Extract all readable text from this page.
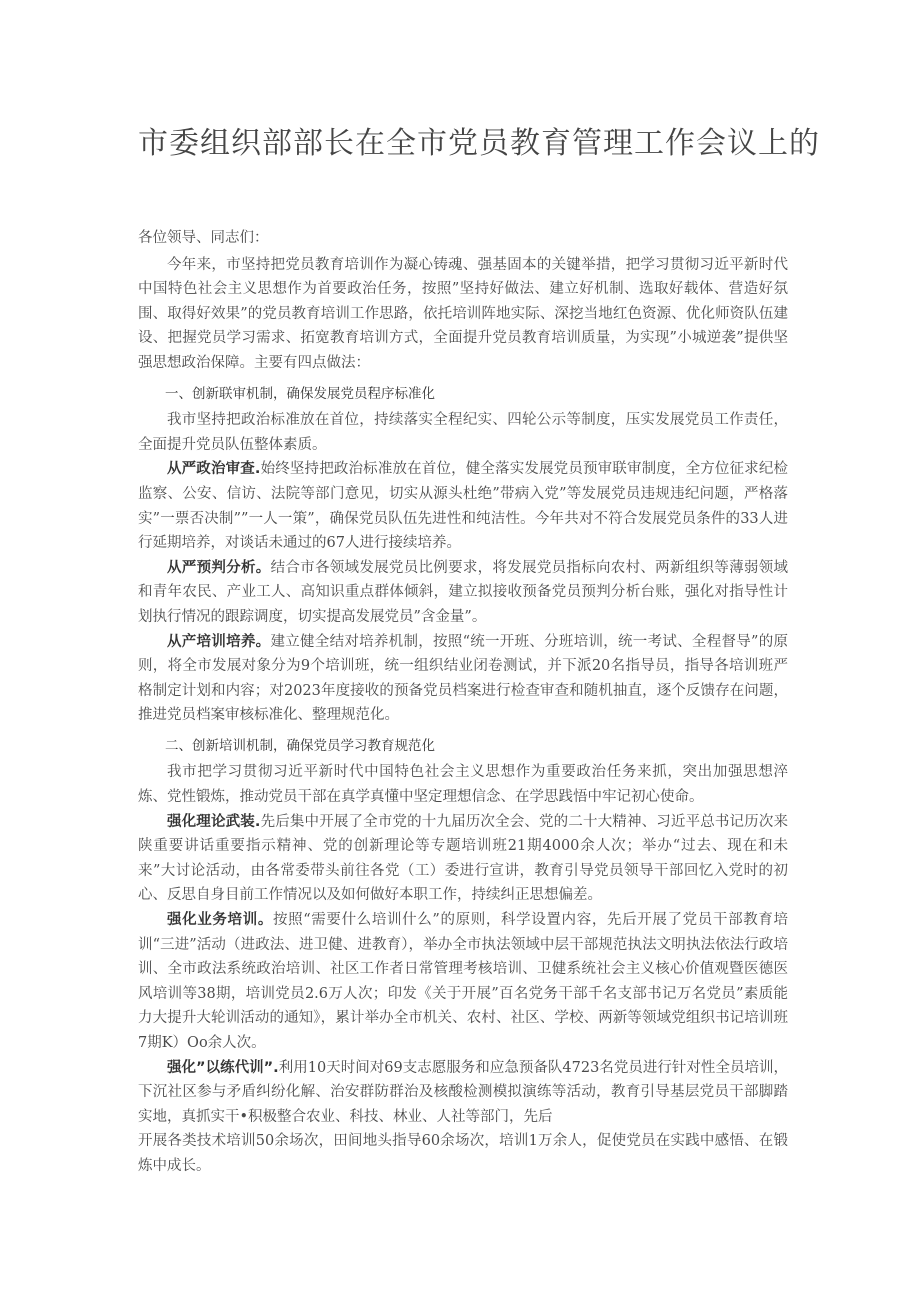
市委组织部部长在全市党员教育管理工作会议上的

各位领导、同志们：

今年来，市坚持把党员教育培训作为凝心铸魂、强基固本的关键举措，把学习贯彻习近平新时代中国特色社会主义思想作为首要政治任务，按照”坚持好做法、建立好机制、选取好载体、营造好氛围、取得好效果”的党员教育培训工作思路，依托培训阵地实际、深挖当地红色资源、优化师资队伍建设、把握党员学习需求、拓宽教育培训方式，全面提升党员教育培训质量，为实现”小城逆袭”提供坚强思想政治保障。主要有四点做法：

一、创新联审机制，确保发展党员程序标准化

我市坚持把政治标准放在首位，持续落实全程纪实、四轮公示等制度，压实发展党员工作责任，全面提升党员队伍整体素质。

从严政治审查.始终坚持把政治标准放在首位，健全落实发展党员预审联审制度，全方位征求纪检监察、公安、信访、法院等部门意见，切实从源头杜绝”带病入党”等发展党员违规违纪问题，严格落实”一票否决制””一人一策”，确保党员队伍先进性和纯洁性。今年共对不符合发展党员条件的33人进行延期培养，对谈话未通过的67人进行接续培养。

从严预判分析。结合市各领域发展党员比例要求，将发展党员指标向农村、两新组织等薄弱领域和青年农民、产业工人、高知识重点群体倾斜，建立拟接收预备党员预判分析台账，强化对指导性计划执行情况的跟踪调度，切实提高发展党员”含金量”。

从产培训培养。建立健全结对培养机制，按照“统一开班、分班培训，统一考试、全程督导”的原则，将全市发展对象分为9个培训班，统一组织结业闭卷测试，并下派20名指导员，指导各培训班严格制定计划和内容；对2023年度接收的预备党员档案进行检查审查和随机抽直，逐个反馈存在问题，推进党员档案审核标准化、整理规范化。

二、创新培训机制，确保党员学习教育规范化

我市把学习贯彻习近平新时代中国特色社会主义思想作为重要政治任务来抓，突出加强思想淬炼、党性锻炼，推动党员干部在真学真懂中坚定理想信念、在学思践悟中牢记初心使命。

强化理论武装.先后集中开展了全市党的十九届历次全会、党的二十大精神、习近平总书记历次来陕重要讲话重要指示精神、党的创新理论等专题培训班21期4000余人次；举办“过去、现在和未来”大讨论活动，由各常委带头前往各党（工）委进行宣讲，教育引导党员领导干部回忆入党时的初心、反思自身目前工作情况以及如何做好本职工作，持续纠正思想偏差。

强化业务培训。按照“需要什么培训什么”的原则，科学设置内容，先后开展了党员干部教育培训“三进”活动（进政法、进卫健、进教育），举办全市执法领域中层干部规范执法文明执法依法行政培训、全市政法系统政治培训、社区工作者日常管理考核培训、卫健系统社会主义核心价值观暨医德医风培训等38期，培训党员2.6万人次；印发《关于开展”百名党务干部千名支部书记万名党员”素质能力大提升大轮训活动的通知》，累计举办全市机关、农村、社区、学校、两新等领域党组织书记培训班7期K）Oo余人次。

强化”以练代训”.利用10天时间对69支志愿服务和应急预备队4723名党员进行针对性全员培训，下沉社区参与矛盾纠纷化解、治安群防群治及核酸检测模拟演练等活动，教育引导基层党员干部脚踏实地，真抓实干•积极整合农业、科技、林业、人社等部门，先后

开展各类技术培训50余场次，田间地头指导60余场次，培训1万余人，促使党员在实践中感悟、在锻炼中成长。
